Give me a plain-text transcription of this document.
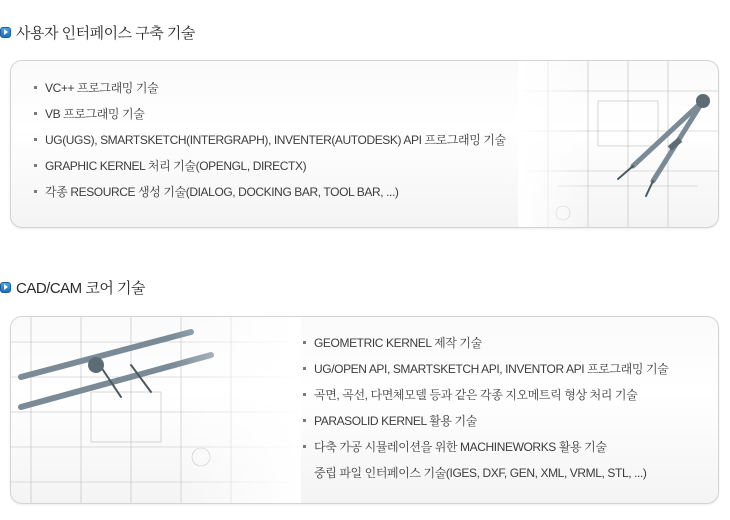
사용자 인터페이스 구축 기술
VC++ 프로그래밍 기술
VB 프로그래밍 기술
UG(UGS), SMARTSKETCH(INTERGRAPH), INVENTER(AUTODESK) API 프로그래밍 기술
GRAPHIC KERNEL 처리 기술(OPENGL, DIRECTX)
각종 RESOURCE 생성 기술(DIALOG, DOCKING BAR, TOOL BAR, ...)
CAD/CAM 코어 기술
GEOMETRIC KERNEL 제작 기술
UG/OPEN API, SMARTSKETCH API, INVENTOR API 프로그래밍 기술
곡면, 곡선, 다면체모델 등과 같은 각종 지오메트릭 형상 처리 기술
PARASOLID KERNEL 활용 기술
다축 가공 시뮬레이션을 위한 MACHINEWORKS 활용 기술
중립 파일 인터페이스 기술(IGES, DXF, GEN, XML, VRML, STL, ...)
